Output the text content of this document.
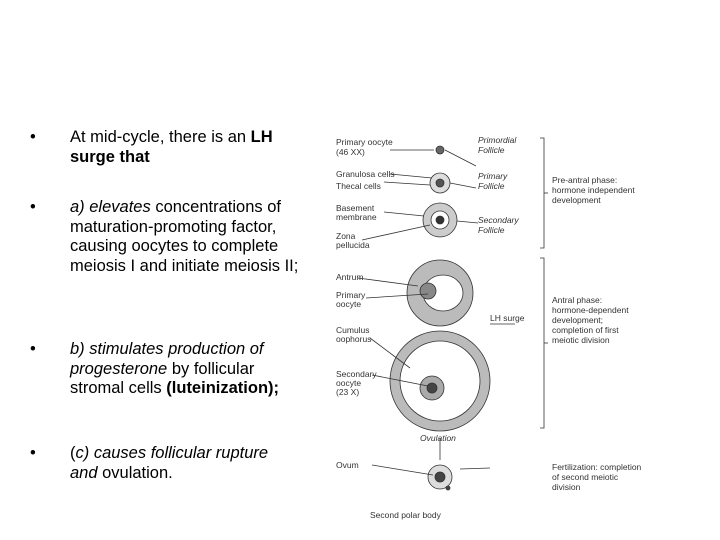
•	At mid-cycle, there is an LH surge that
•	a) elevates concentrations of maturation-promoting factor, causing oocytes to complete meiosis I and initiate meiosis II;
•	b) stimulates production of progesterone by follicular stromal cells (luteinization);
•	(c) causes follicular rupture and ovulation.
Primary oocyte
(46 XX)
Granulosa cells
Thecal cells
Basement
membrane
Zona
pellucida
Antrum
Primary
oocyte
Cumulus
oophorus
Secondary
oocyte
(23 X)
Ovulation
Ovum
Second polar body
Primordial
Follicle
Primary
Follicle
Secondary
Follicle
LH surge
Pre-antral phase:
hormone independent
development
Antral phase:
hormone-dependent
development;
completion of first
meiotic division
Fertilization: completion
of second meiotic
division
